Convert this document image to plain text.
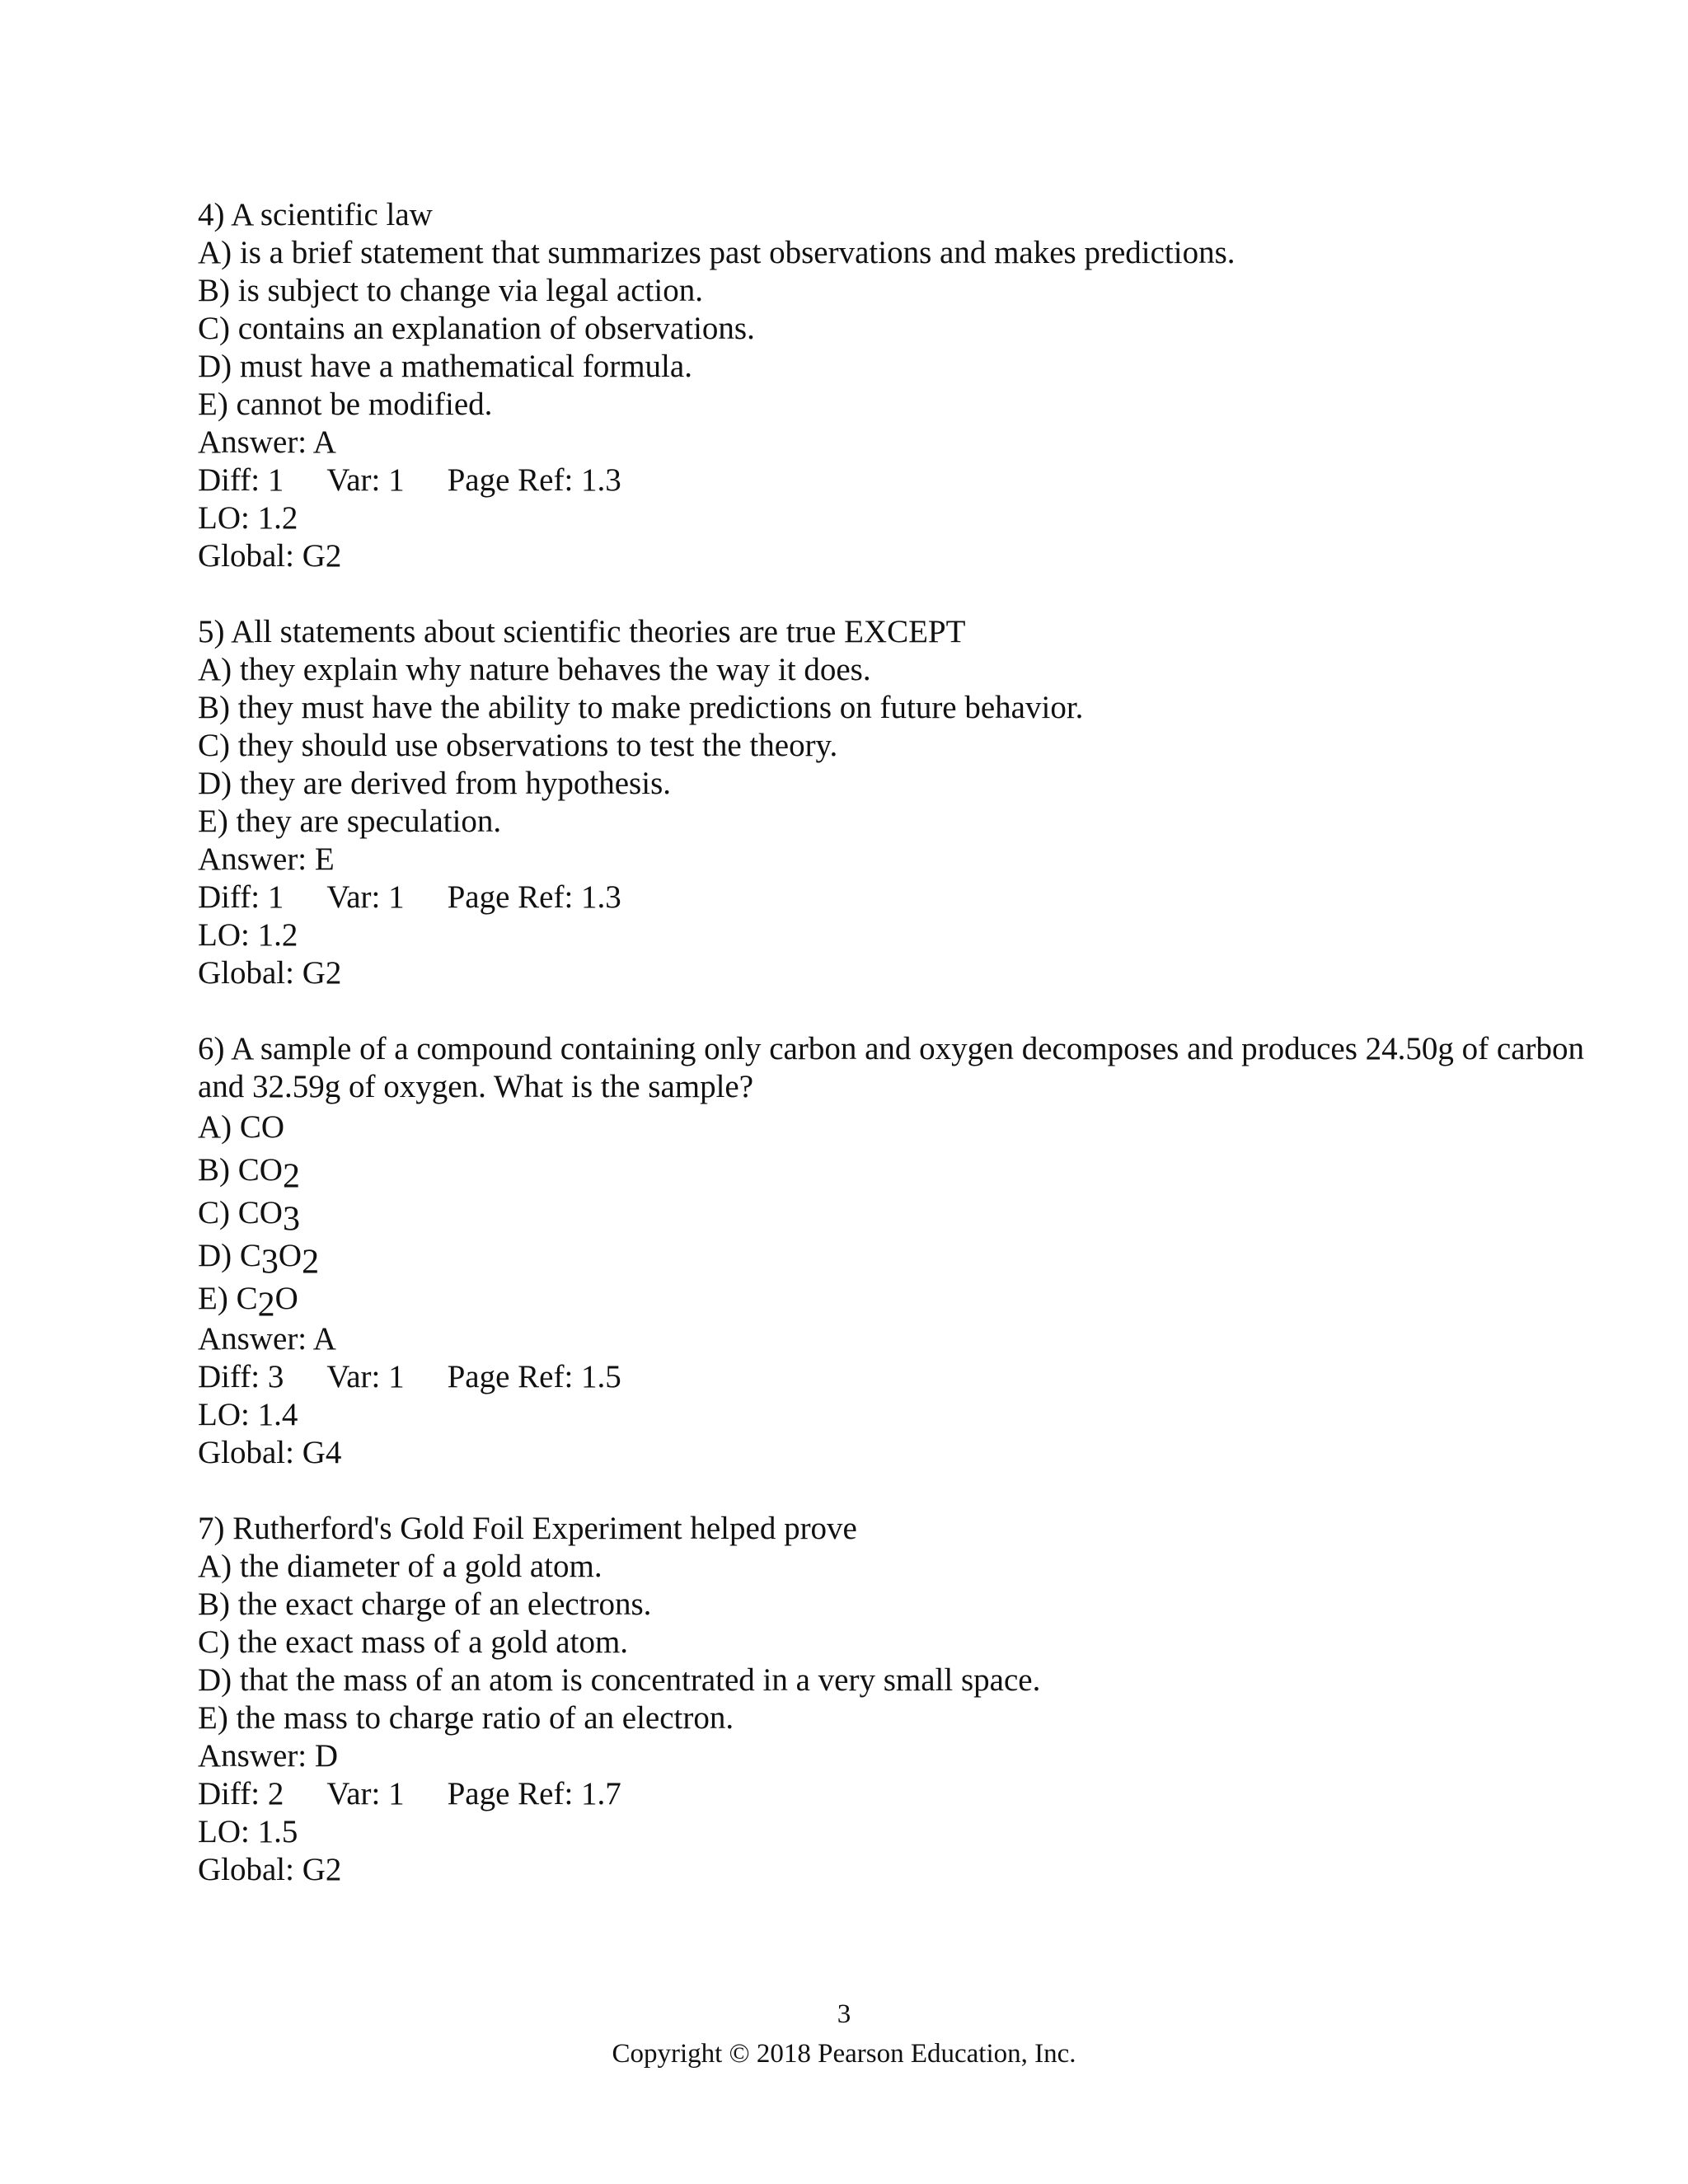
4) A scientific law
A) is a brief statement that summarizes past observations and makes predictions.
B) is subject to change via legal action.
C) contains an explanation of observations.
D) must have a mathematical formula.
E) cannot be modified.
Answer: A
Diff: 1 Var: 1 Page Ref: 1.3
LO: 1.2
Global: G2
5) All statements about scientific theories are true EXCEPT
A) they explain why nature behaves the way it does.
B) they must have the ability to make predictions on future behavior.
C) they should use observations to test the theory.
D) they are derived from hypothesis.
E) they are speculation.
Answer: E
Diff: 1 Var: 1 Page Ref: 1.3
LO: 1.2
Global: G2
6) A sample of a compound containing only carbon and oxygen decomposes and produces 24.50g of carbon and 32.59g of oxygen. What is the sample?
A) CO
B) CO2
C) CO3
D) C3O2
E) C2O
Answer: A
Diff: 3 Var: 1 Page Ref: 1.5
LO: 1.4
Global: G4
7) Rutherford's Gold Foil Experiment helped prove
A) the diameter of a gold atom.
B) the exact charge of an electrons.
C) the exact mass of a gold atom.
D) that the mass of an atom is concentrated in a very small space.
E) the mass to charge ratio of an electron.
Answer: D
Diff: 2 Var: 1 Page Ref: 1.7
LO: 1.5
Global: G2
3
Copyright © 2018 Pearson Education, Inc.
